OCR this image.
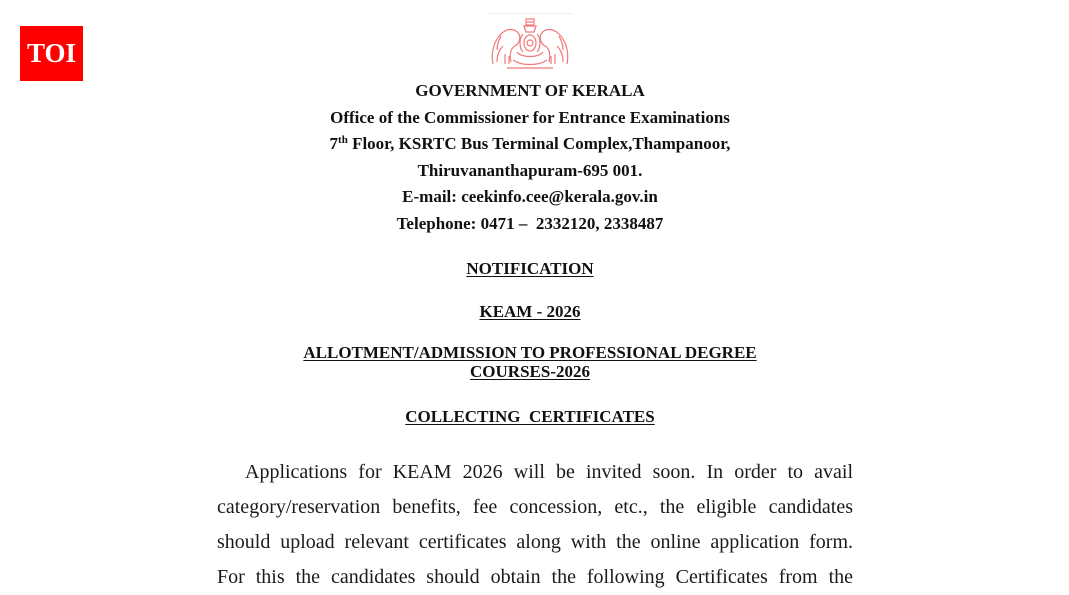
TOI
GOVERNMENT OF KERALA
Office of the Commissioner for Entrance Examinations
7th Floor, KSRTC Bus Terminal Complex,Thampanoor,
Thiruvananthapuram-695 001.
E-mail: ceekinfo.cee@kerala.gov.in
Telephone: 0471 –  2332120, 2338487
NOTIFICATION
KEAM - 2026
ALLOTMENT/ADMISSION TO PROFESSIONAL DEGREE
COURSES-2026
COLLECTING  CERTIFICATES
Applications for KEAM 2026 will be invited soon. In order to avail
category/reservation benefits, fee concession, etc., the eligible candidates
should upload relevant certificates along with the online application form.
For this the candidates should obtain the following Certificates from the
